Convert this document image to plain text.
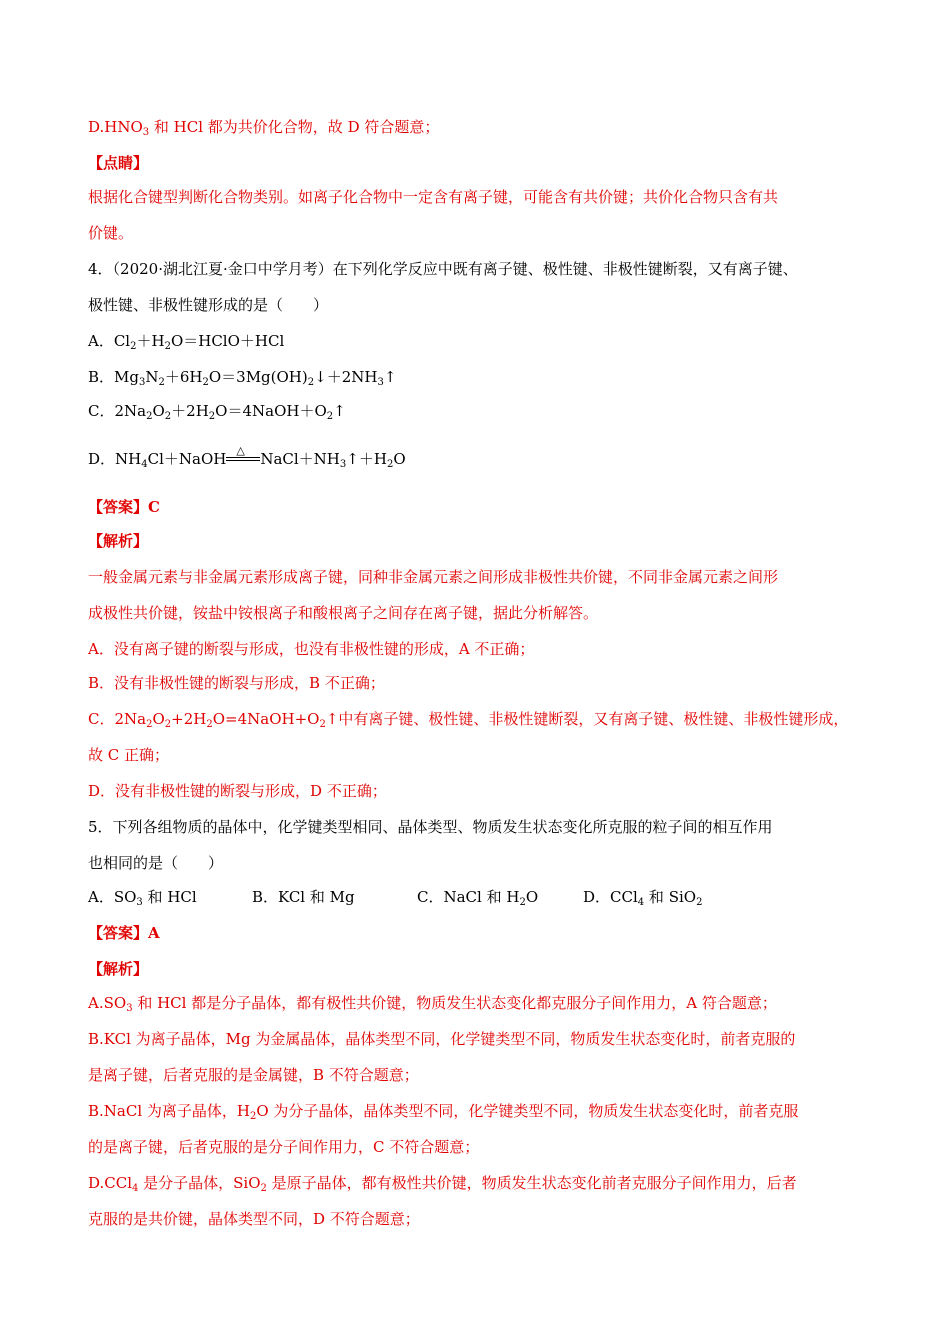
$D.HNO_3$ 和 HCl 都为共价化合物，故 D 符合题意；
【点睛】
根据化合键型判断化合物类别。如离子化合物中一定含有离子键，可能含有共价键；共价化合物只含有共
价键。
4．（2020·湖北江夏·金口中学月考）在下列化学反应中既有离子键、极性键、非极性键断裂，又有离子键、
极性键、非极性键形成的是（　　）
A．$Cl_2+H_2O=HClO+HCl$
B．$Mg_3N_2+6H_2O=3Mg(OH)_2↓+2NH_3↑$
C．$2Na_2O_2+2H_2O=4NaOH+O_2↑$
D．$NH_4Cl+NaOH$ △ $NaCl+NH_3↑+H_2O$
【答案】C
【解析】
一般金属元素与非金属元素形成离子键，同种非金属元素之间形成非极性共价键，不同非金属元素之间形
成极性共价键，铵盐中铵根离子和酸根离子之间存在离子键，据此分析解答。
A．没有离子键的断裂与形成，也没有非极性键的形成，A 不正确；
B．没有非极性键的断裂与形成，B 不正确；
C．$2Na_2O_2+2H_2O=4NaOH+O_2↑$中有离子键、极性键、非极性键断裂，又有离子键、极性键、非极性键形成，
故 C 正确；
D．没有非极性键的断裂与形成，D 不正确；
5．下列各组物质的晶体中，化学键类型相同、晶体类型、物质发生状态变化所克服的粒子间的相互作用
也相同的是（　　）
A．$SO_3$ 和 HCl	B．KCl 和 Mg	C．NaCl 和 $H_2O$	D．CCl$_4$ 和 SiO$_2$
【答案】A
【解析】
$A.SO_3$ 和 HCl 都是分子晶体，都有极性共价键，物质发生状态变化都克服分子间作用力，A 符合题意；
B.KCl 为离子晶体，Mg 为金属晶体，晶体类型不同，化学键类型不同，物质发生状态变化时，前者克服的
是离子键，后者克服的是金属键，B 不符合题意；
B.NaCl 为离子晶体，$H_2O$ 为分子晶体，晶体类型不同，化学键类型不同，物质发生状态变化时，前者克服
的是离子键，后者克服的是分子间作用力，C 不符合题意；
D.CCl$_4$ 是分子晶体，SiO$_2$ 是原子晶体，都有极性共价键，物质发生状态变化前者克服分子间作用力，后者
克服的是共价键，晶体类型不同，D 不符合题意；
